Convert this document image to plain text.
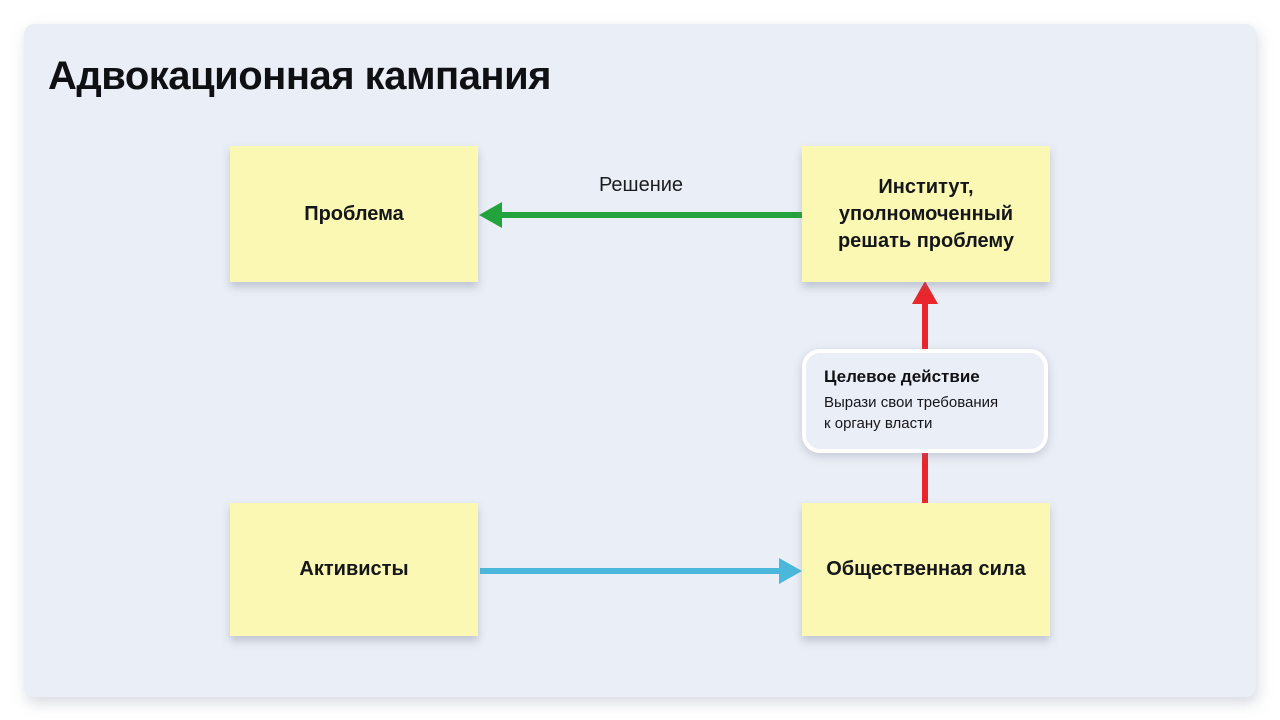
Адвокационная кампания
Решение
Проблема
Институт, уполномоченный решать проблему
Активисты	Общественная сила
Целевое действие
Вырази свои требования к органу власти
